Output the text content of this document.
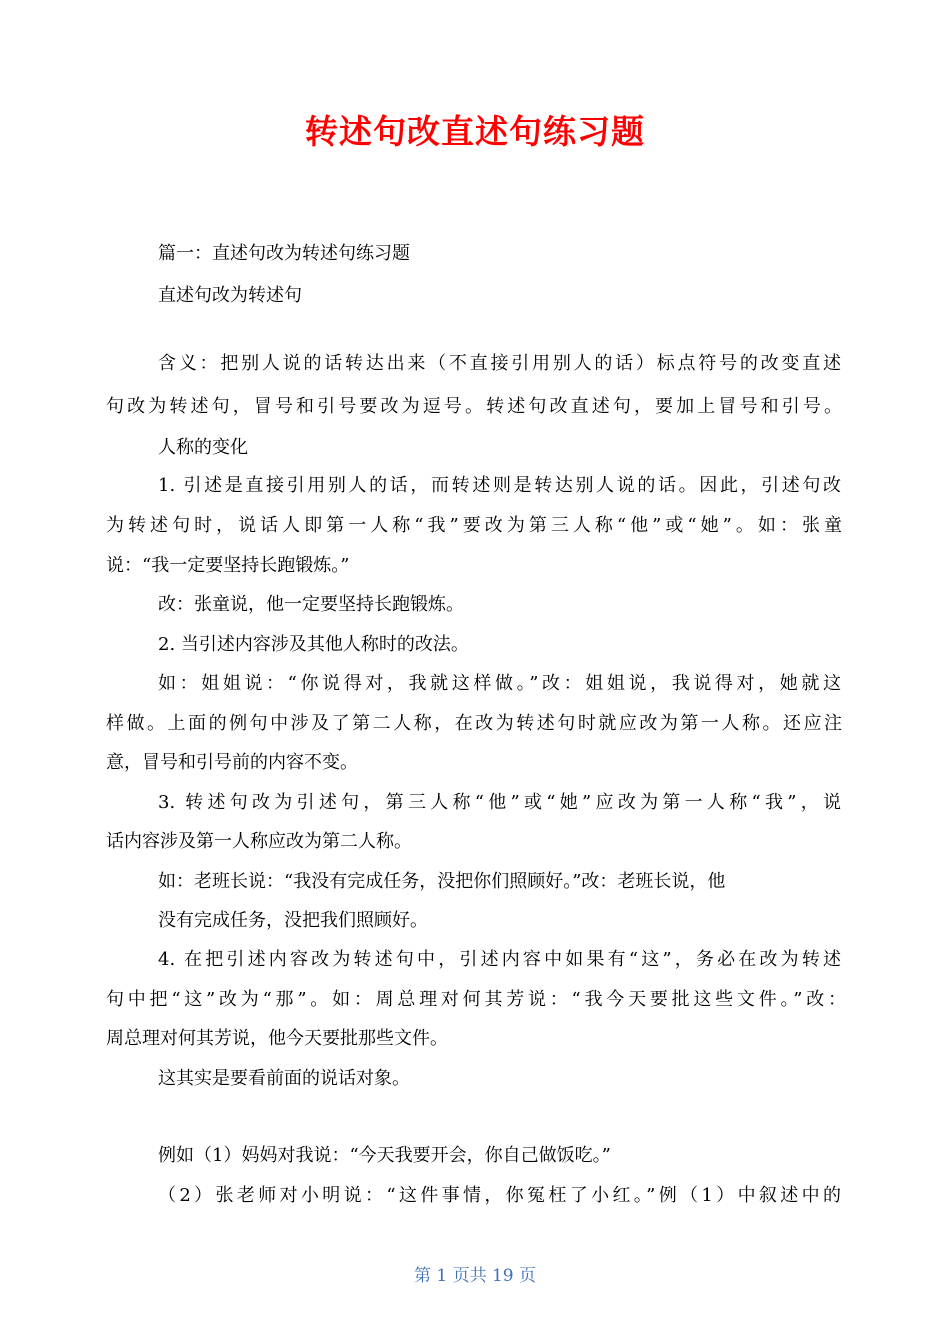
转述句改直述句练习题
篇一：直述句改为转述句练习题
直述句改为转述句
含义：把别人说的话转达出来（不直接引用别人的话）标点符号的改变直述
句改为转述句，冒号和引号要改为逗号。转述句改直述句，要加上冒号和引号。
人称的变化
1. 引述是直接引用别人的话，而转述则是转达别人说的话。因此，引述句改
为转述句时，说话人即第一人称“我”要改为第三人称“他”或“她”。如：张童
说：“我一定要坚持长跑锻炼。”
改：张童说，他一定要坚持长跑锻炼。
2. 当引述内容涉及其他人称时的改法。
如：姐姐说：“你说得对，我就这样做。”改：姐姐说，我说得对，她就这
样做。上面的例句中涉及了第二人称，在改为转述句时就应改为第一人称。还应注
意，冒号和引号前的内容不变。
3. 转述句改为引述句，第三人称“他”或“她”应改为第一人称“我”，说
话内容涉及第一人称应改为第二人称。
如：老班长说：“我没有完成任务，没把你们照顾好。”改：老班长说，他
没有完成任务，没把我们照顾好。
4. 在把引述内容改为转述句中，引述内容中如果有“这”，务必在改为转述
句中把“这”改为“那”。如：周总理对何其芳说：“我今天要批这些文件。”改：
周总理对何其芳说，他今天要批那些文件。
这其实是要看前面的说话对象。
例如（1）妈妈对我说：“今天我要开会，你自己做饭吃。”
（2）张老师对小明说：“这件事情，你冤枉了小红。”例（1）中叙述中的
第 1 页共 19 页
